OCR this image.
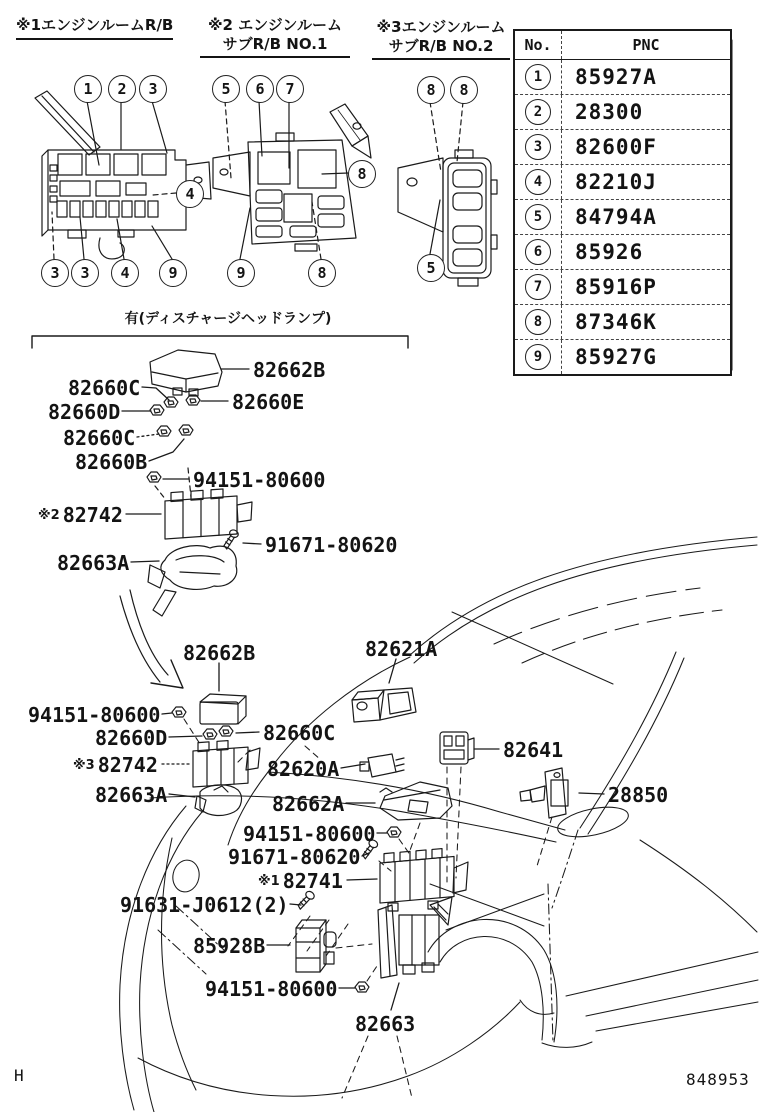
※1エンジンルームR/B	※2 エンジンルーム
サブR/B NO.1
※3エンジンルーム
サブR/B NO.2	No.	PNC
1	85927A
2	28300
3	82600F
4	82210J
5	84794A
6	85926
7	85916P
8	87346K
9	85927G
有(ディスチャージヘッドランプ)
1	2	3
4
3	3	4	9
5	6	7
8
9	8
8	8
5
82662B
82660C
82660E
82660D
82660C
82660B
94151-80600
※2 82742
91671-80620
82663A
82662B	82621A
94151-80600
82660D	82660C
※3 82742
82641
82620A
82663A	82662A	28850
94151-80600
91671-80620
※1 82741
91631-J0612(2)
85928B
94151-80600
82663
H	848953
